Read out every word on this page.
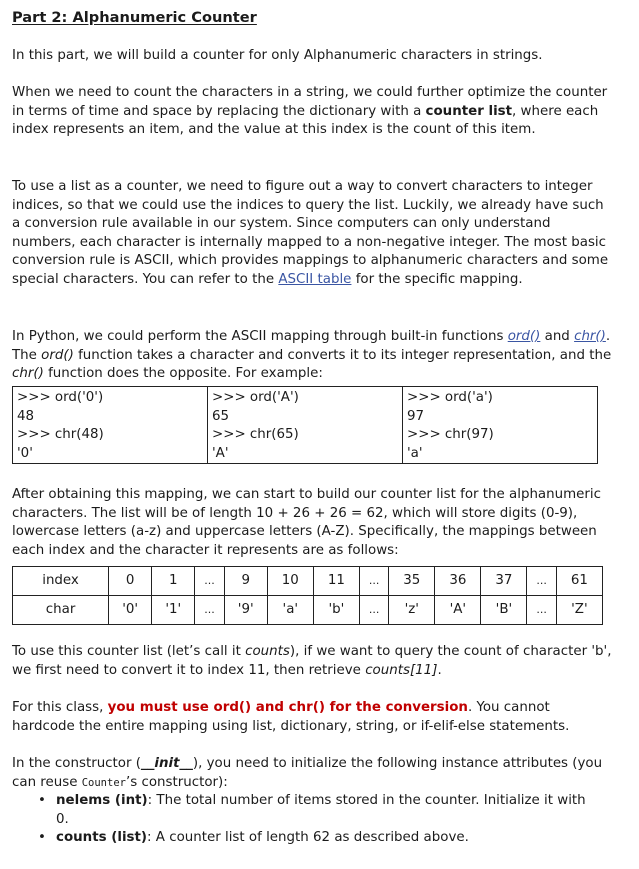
Part 2: Alphanumeric Counter

In this part, we will build a counter for only Alphanumeric characters in strings.

When we need to count the characters in a string, we could further optimize the counter in terms of time and space by replacing the dictionary with a counter list, where each index represents an item, and the value at this index is the count of this item.

To use a list as a counter, we need to figure out a way to convert characters to integer indices, so that we could use the indices to query the list. Luckily, we already have such a conversion rule available in our system. Since computers can only understand numbers, each character is internally mapped to a non-negative integer. The most basic conversion rule is ASCII, which provides mappings to alphanumeric characters and some special characters. You can refer to the ASCII table for the specific mapping.

In Python, we could perform the ASCII mapping through built-in functions ord() and chr(). The ord() function takes a character and converts it to its integer representation, and the chr() function does the opposite. For example:

>>> ord('0')
48
>>> chr(48)
'0'

>>> ord('A')
65
>>> chr(65)
'A'

>>> ord('a')
97
>>> chr(97)
'a'

After obtaining this mapping, we can start to build our counter list for the alphanumeric characters. The list will be of length 10 + 26 + 26 = 62, which will store digits (0-9), lowercase letters (a-z) and uppercase letters (A-Z). Specifically, the mappings between each index and the character it represents are as follows:

index	0	1	...	9	10	11	...	35	36	37	...	61
char	'0'	'1'	...	'9'	'a'	'b'	...	'z'	'A'	'B'	...	'Z'

To use this counter list (let’s call it counts), if we want to query the count of character 'b', we first need to convert it to index 11, then retrieve counts[11].

For this class, you must use ord() and chr() for the conversion. You cannot hardcode the entire mapping using list, dictionary, string, or if-elif-else statements.

In the constructor (__init__), you need to initialize the following instance attributes (you can reuse Counter’s constructor):

• nelems (int): The total number of items stored in the counter. Initialize it with 0.
• counts (list): A counter list of length 62 as described above.
